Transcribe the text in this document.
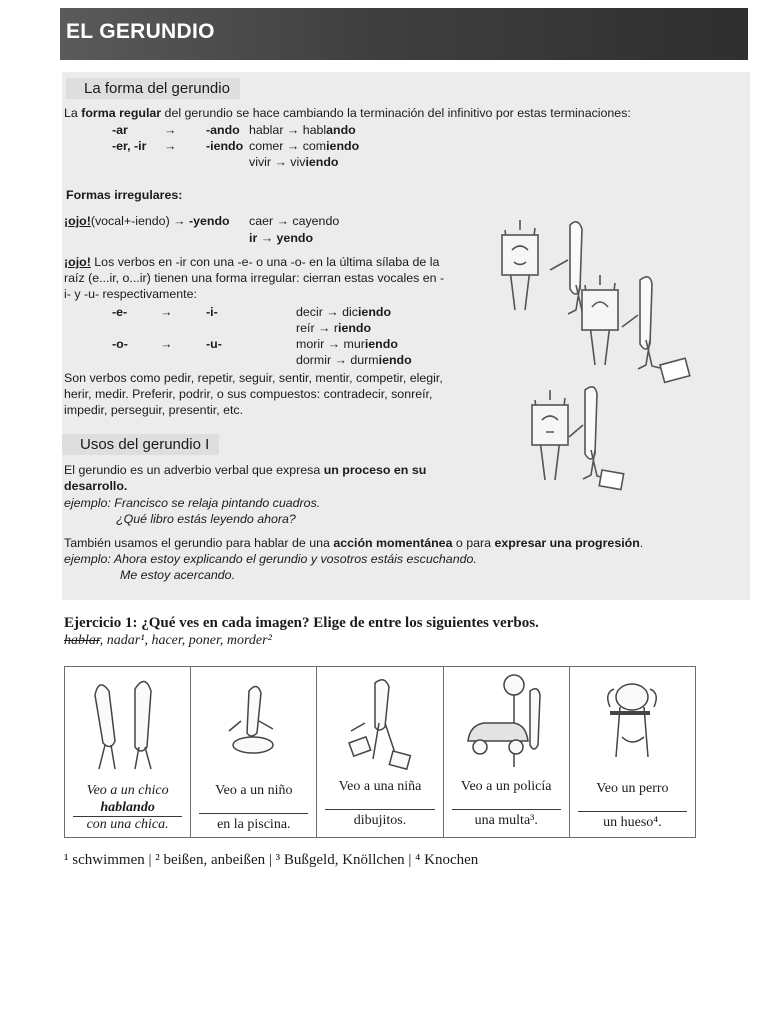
EL GERUNDIO
La forma del gerundio
La forma regular del gerundio se hace cambiando la terminación del infinitivo por estas terminaciones:
-ar	→ -ando hablar → hablando
-er, -ir → -iendo comer → comiendo
vivir → viviendo
Formas irregulares:
¡ojo!(vocal+-iendo) → -yendo caer → cayendo
ir → yendo
¡ojo! Los verbos en -ir con una -e- o una -o- en la última sílaba de la
raíz (e...ir, o...ir) tienen una forma irregular: cierran estas vocales en -
i- y -u- respectivamente:
-e-	→	-i-	decir → diciendo
reír → riendo
-o-	→	-u-	morir → muriendo
dormir → durmiendo
Son verbos como pedir, repetir, seguir, sentir, mentir, competir, elegir,
herir, medir. Preferir, podrir, o sus compuestos: contradecir, sonreír,
impedir, perseguir, presentir, etc.
Usos del gerundio I
El gerundio es un adverbio verbal que expresa un proceso en su
desarrollo.
ejemplo: Francisco se relaja pintando cuadros.
¿Qué libro estás leyendo ahora?
También usamos el gerundio para hablar de una acción momentánea o para expresar una progresión.
ejemplo: Ahora estoy explicando el gerundio y vosotros estáis escuchando.
Me estoy acercando.
Ejercicio 1: ¿Qué ves en cada imagen? Elige de entre los siguientes verbos.
hablar, nadar¹, hacer, poner, morder²
Veo a un chico
hablando
con una chica.
Veo a un niño
en la piscina.
Veo a una niña
dibujitos.
Veo a un policía
una multa³.
Veo un perro
un hueso⁴.
¹ schwimmen | ² beißen, anbeißen | ³ Bußgeld, Knöllchen | ⁴ Knochen
